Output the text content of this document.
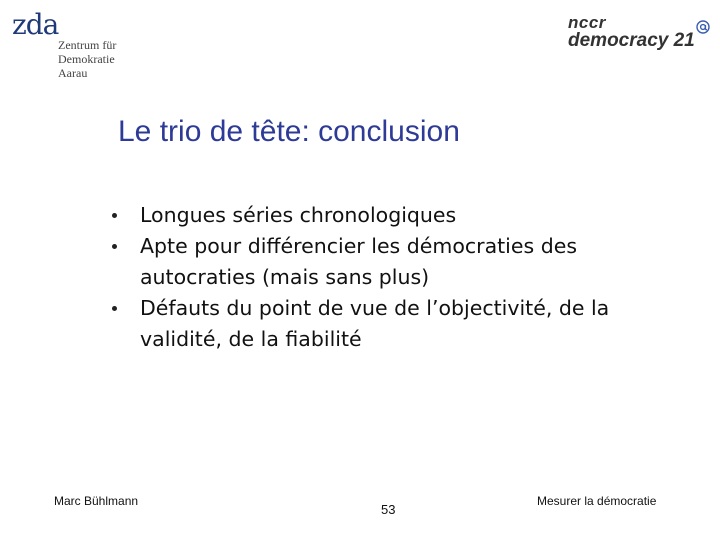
zda
Zentrum für
Demokratie
Aarau
nccr
democracy 21
Le trio de tête: conclusion
Longues séries chronologiques
Apte pour différencier les démocraties des autocraties (mais sans plus)
Défauts du point de vue de l’objectivité, de la validité, de la fiabilité
Marc Bühlmann
53
Mesurer la démocratie
